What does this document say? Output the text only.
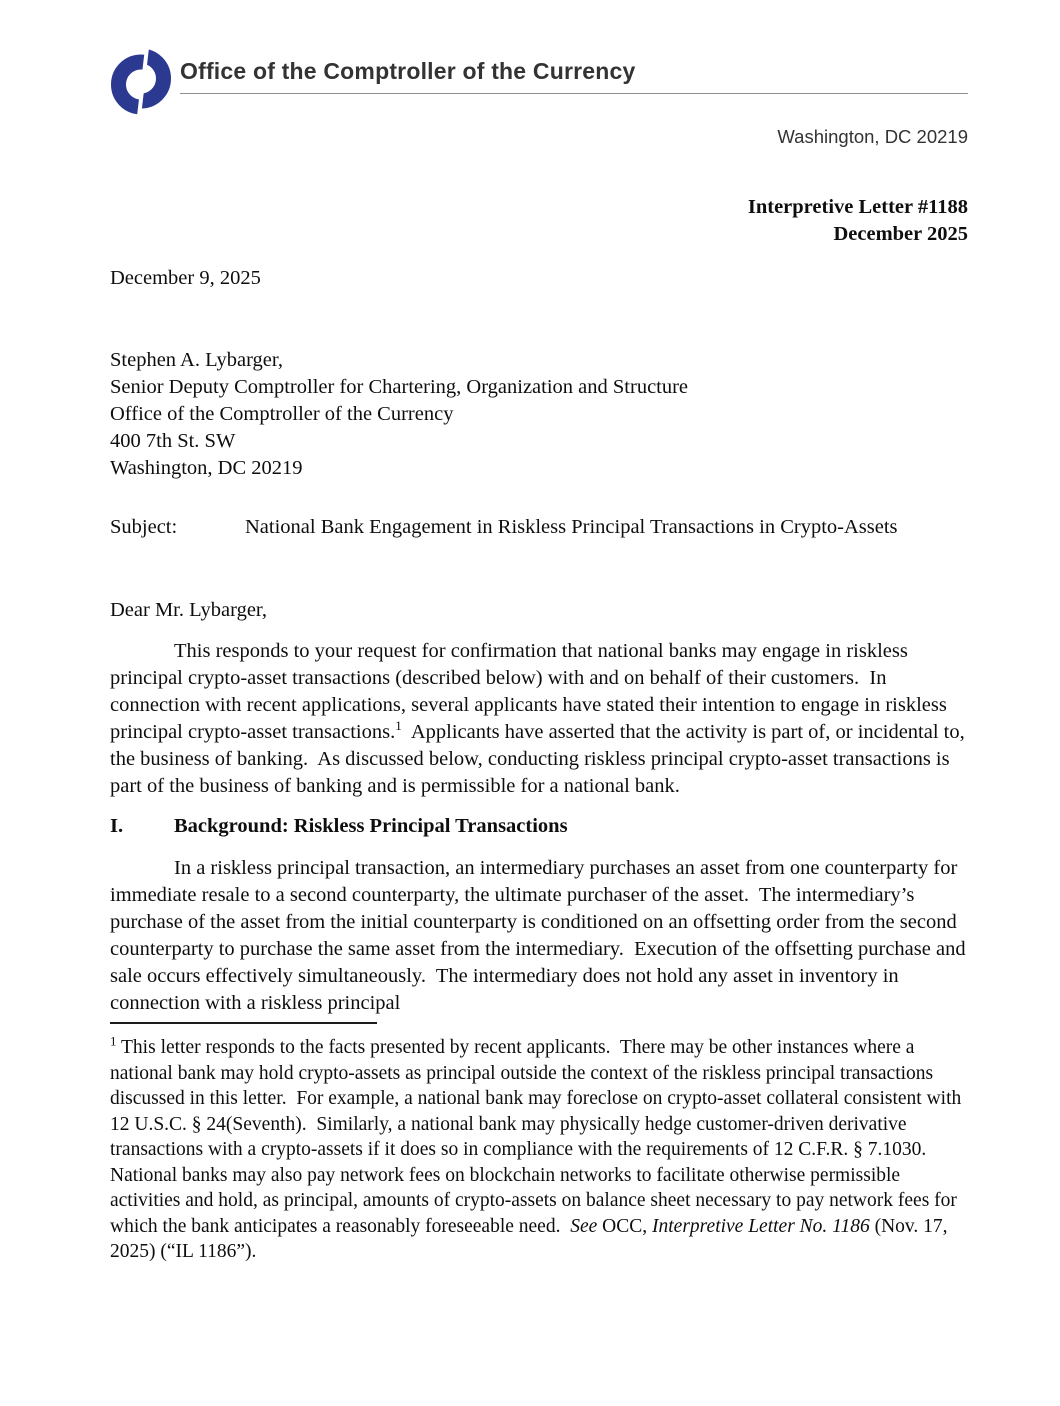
Office of the Comptroller of the Currency
Washington, DC 20219
Interpretive Letter #1188
December 2025
December 9, 2025
Stephen A. Lybarger,
Senior Deputy Comptroller for Chartering, Organization and Structure
Office of the Comptroller of the Currency
400 7th St. SW
Washington, DC 20219
Subject:	National Bank Engagement in Riskless Principal Transactions in Crypto-Assets
Dear Mr. Lybarger,
This responds to your request for confirmation that national banks may engage in riskless principal crypto-asset transactions (described below) with and on behalf of their customers.  In connection with recent applications, several applicants have stated their intention to engage in riskless principal crypto-asset transactions.$^1$  Applicants have asserted that the activity is part of, or incidental to, the business of banking.  As discussed below, conducting riskless principal crypto-asset transactions is part of the business of banking and is permissible for a national bank.
I.	Background: Riskless Principal Transactions
In a riskless principal transaction, an intermediary purchases an asset from one counterparty for immediate resale to a second counterparty, the ultimate purchaser of the asset.  The intermediary’s purchase of the asset from the initial counterparty is conditioned on an offsetting order from the second counterparty to purchase the same asset from the intermediary.  Execution of the offsetting purchase and sale occurs effectively simultaneously.  The intermediary does not hold any asset in inventory in connection with a riskless principal
$^1$ This letter responds to the facts presented by recent applicants.  There may be other instances where a national bank may hold crypto-assets as principal outside the context of the riskless principal transactions discussed in this letter.  For example, a national bank may foreclose on crypto-asset collateral consistent with 12 U.S.C. § 24(Seventh).  Similarly, a national bank may physically hedge customer-driven derivative transactions with a crypto-assets if it does so in compliance with the requirements of 12 C.F.R. § 7.1030.  National banks may also pay network fees on blockchain networks to facilitate otherwise permissible activities and hold, as principal, amounts of crypto-assets on balance sheet necessary to pay network fees for which the bank anticipates a reasonably foreseeable need.  See OCC, Interpretive Letter No. 1186 (Nov. 17, 2025) (“IL 1186”).
